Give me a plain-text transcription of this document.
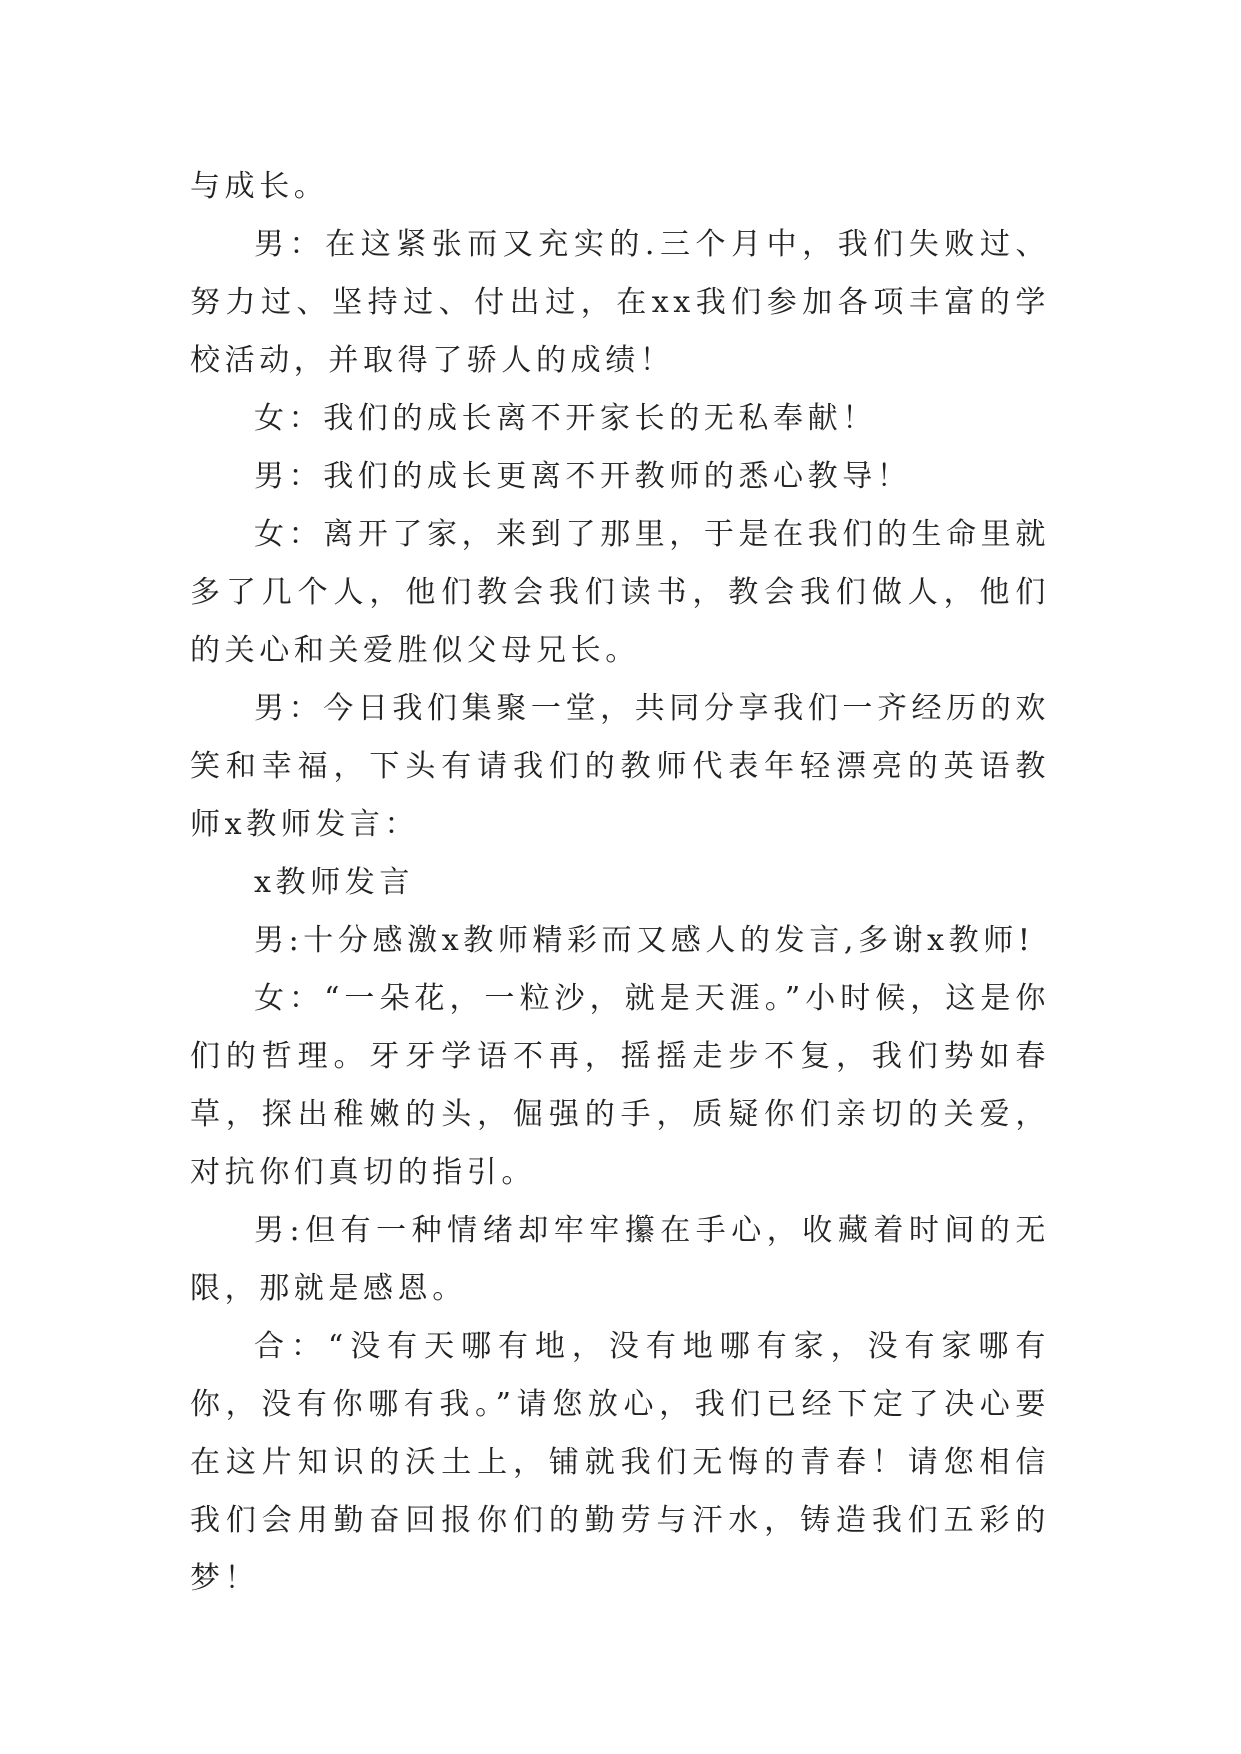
与成长。

男：在这紧张而又充实的.三个月中，我们失败过、努力过、坚持过、付出过，在xx我们参加各项丰富的学校活动，并取得了骄人的成绩！

女：我们的成长离不开家长的无私奉献！

男：我们的成长更离不开教师的悉心教导！

女：离开了家，来到了那里，于是在我们的生命里就多了几个人，他们教会我们读书，教会我们做人，他们的关心和关爱胜似父母兄长。

男：今日我们集聚一堂，共同分享我们一齐经历的欢笑和幸福，下头有请我们的教师代表年轻漂亮的英语教师x教师发言：

x教师发言

男:十分感激x教师精彩而又感人的发言,多谢x教师!

女：“一朵花，一粒沙，就是天涯。”小时候，这是你们的哲理。牙牙学语不再，摇摇走步不复，我们势如春草，探出稚嫩的头，倔强的手，质疑你们亲切的关爱，对抗你们真切的指引。

男:但有一种情绪却牢牢攥在手心，收藏着时间的无限，那就是感恩。

合：“没有天哪有地，没有地哪有家，没有家哪有你，没有你哪有我。”请您放心，我们已经下定了决心要在这片知识的沃土上，铺就我们无悔的青春！请您相信我们会用勤奋回报你们的勤劳与汗水，铸造我们五彩的梦！
